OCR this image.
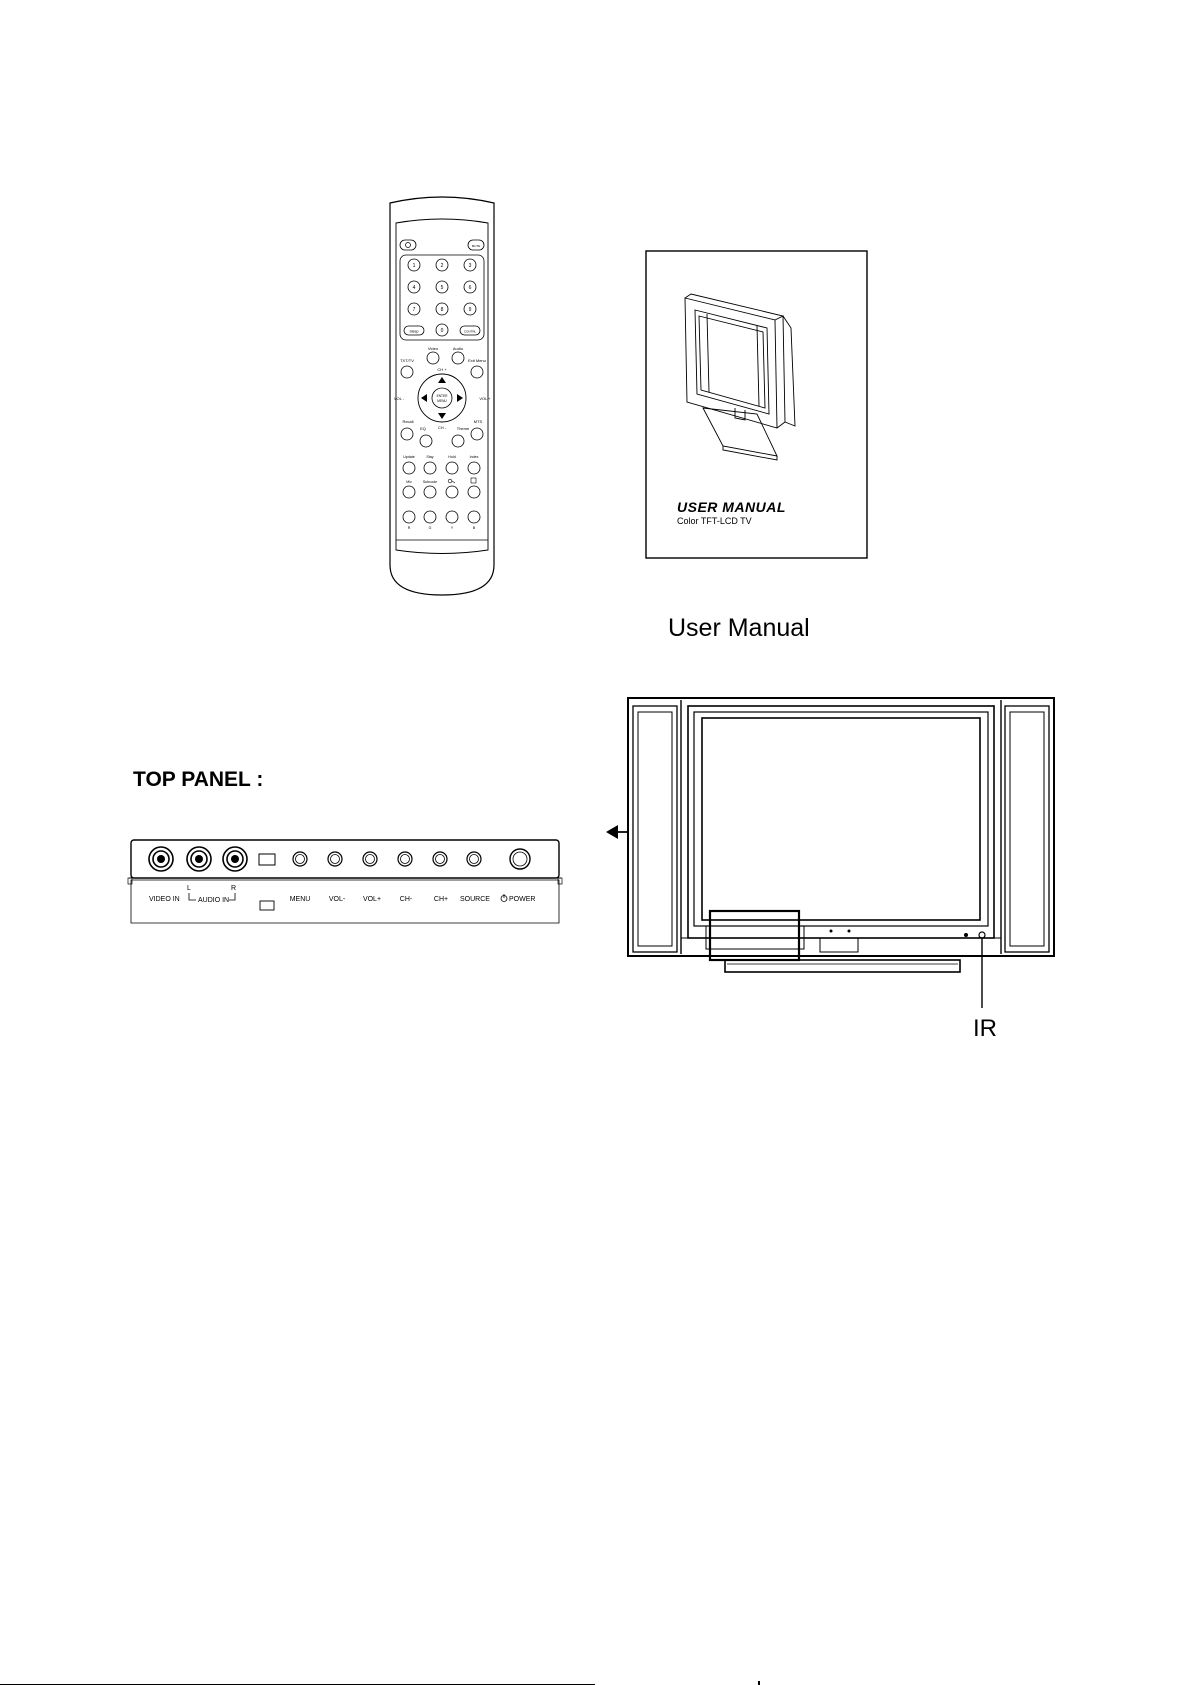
MUTE
1	2	3
4	5	6
7	8	9
Sleep	0	CONTRL
Video	Audio
TXT/TV	Exit Menu
CH +
ENTER
MENU
VOL -	VOL +
CH -
Recall	MTS
EQ	Theme
Update	Stay	Hold	Index
Mix	Subcode
R	G	Y	B
USER MANUAL
Color TFT-LCD TV

User Manual

TOP PANEL :

VIDEO IN
L	R
AUDIO IN	MENU	VOL-	VOL+	CH-	CH+ SOURCE	POWER
IR
